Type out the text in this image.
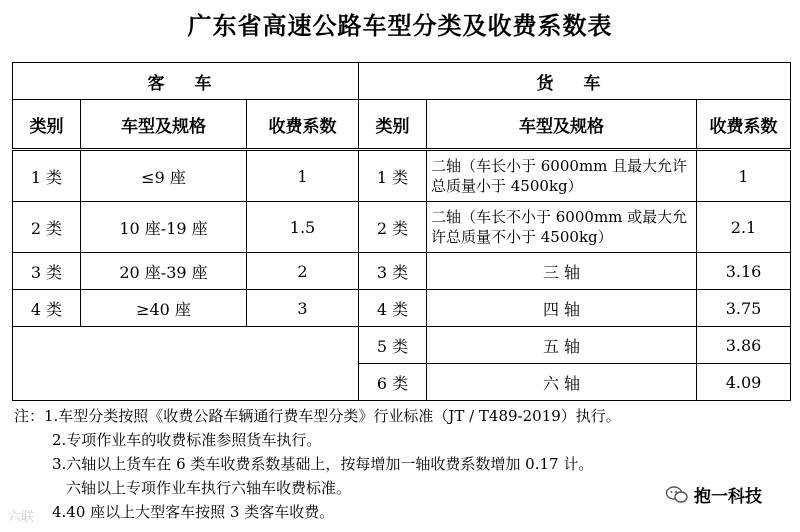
广东省高速公路车型分类及收费系数表
客 车			货 车		
类别	车型及规格	收费系数	类别	车型及规格	收费系数
1 类	≤9 座	1	1 类	二轴（车长小于 6000mm 且最大允许总质量小于 4500kg）	1
2 类	10 座-19 座	1.5	2 类	二轴（车长不小于 6000mm 或最大允许总质量不小于 4500kg）	2.1
3 类	20 座-39 座	2	3 类	三 轴	3.16
4 类	≥40 座	3	4 类	四 轴	3.75
			5 类	五 轴	3.86
			6 类	六 轴	4.09
注：1.车型分类按照《收费公路车辆通行费车型分类》行业标准（JT / T489-2019）执行。
2.专项作业车的收费标准参照货车执行。
3.六轴以上货车在 6 类车收费系数基础上，按每增加一轴收费系数增加 0.17 计。
六轴以上专项作业车执行六轴车收费标准。
4.40 座以上大型客车按照 3 类客车收费。
抱一科技
六联
